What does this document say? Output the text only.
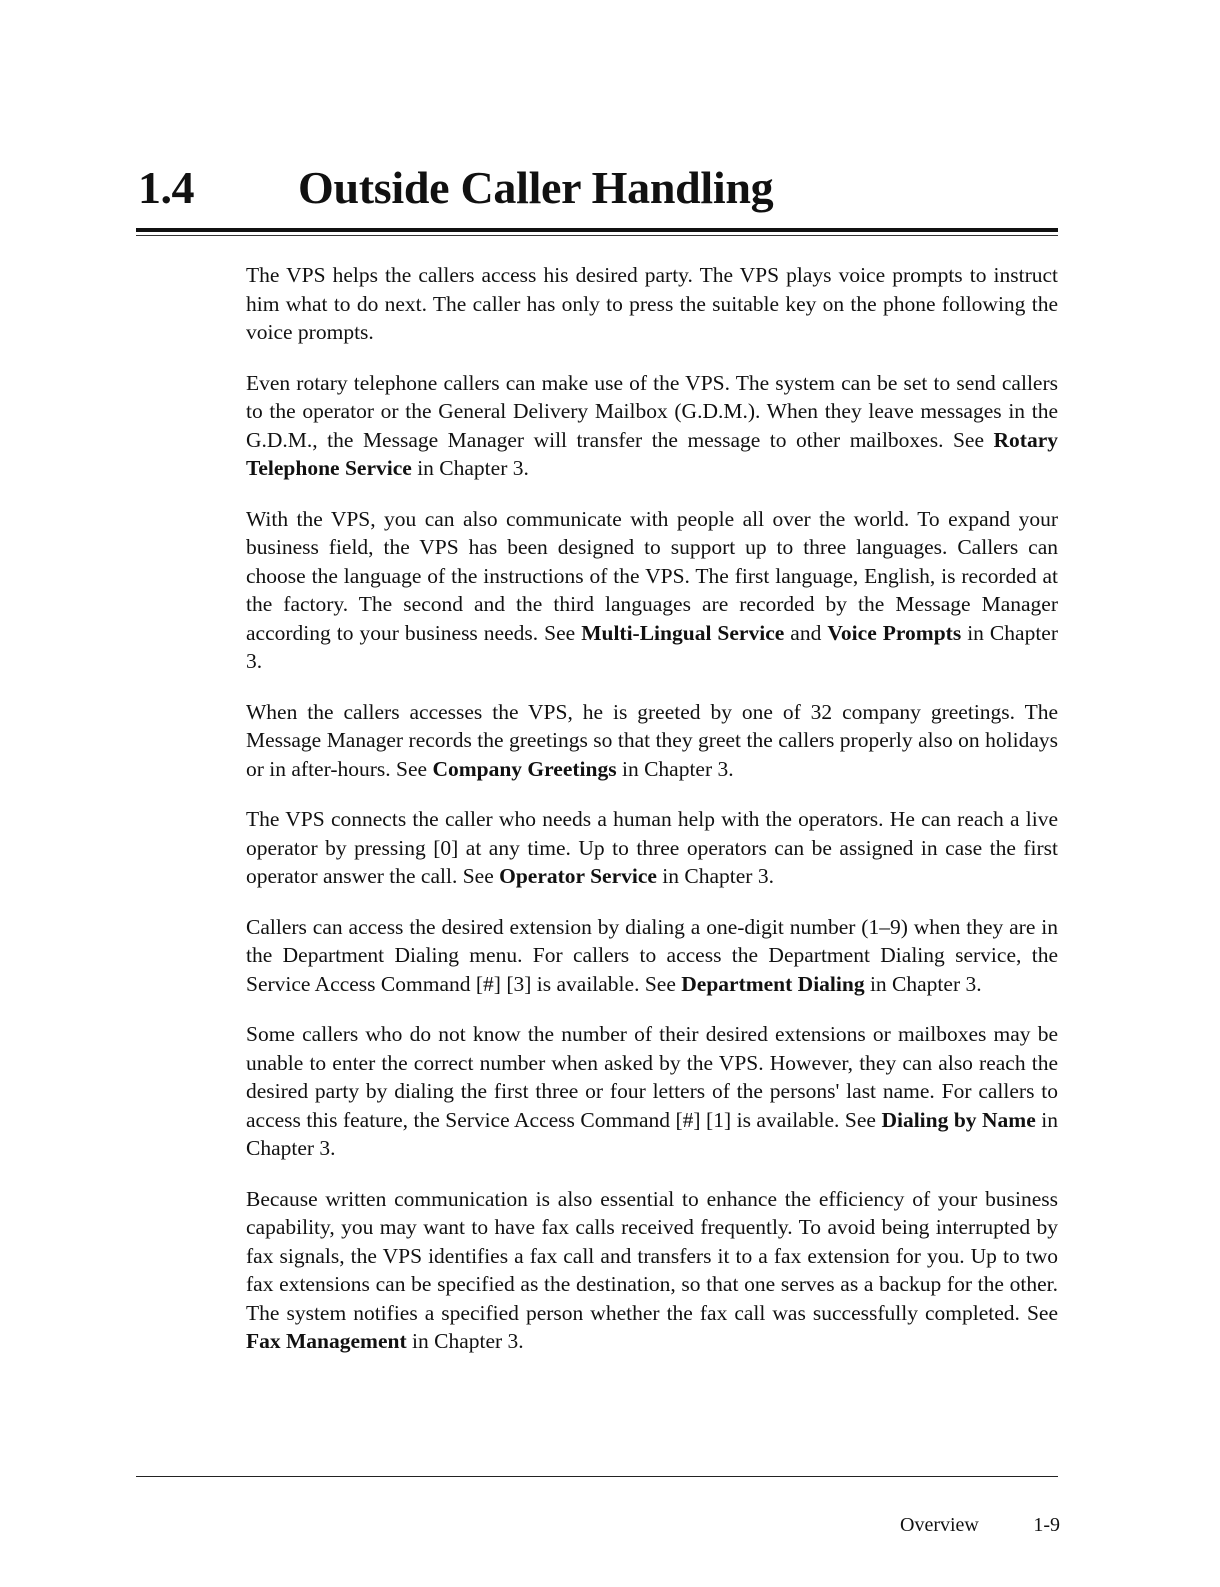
1.4 Outside Caller Handling

The VPS helps the callers access his desired party. The VPS plays voice prompts to instruct him what to do next. The caller has only to press the suitable key on the phone following the voice prompts.

Even rotary telephone callers can make use of the VPS. The system can be set to send callers to the operator or the General Delivery Mailbox (G.D.M.). When they leave messages in the G.D.M., the Message Manager will transfer the message to other mailboxes. See Rotary Telephone Service in Chapter 3.

With the VPS, you can also communicate with people all over the world. To expand your business field, the VPS has been designed to support up to three languages. Callers can choose the language of the instructions of the VPS. The first language, English, is recorded at the factory. The second and the third languages are recorded by the Message Manager according to your business needs. See Multi-Lingual Service and Voice Prompts in Chapter 3.

When the callers accesses the VPS, he is greeted by one of 32 company greetings. The Message Manager records the greetings so that they greet the callers properly also on holidays or in after-hours. See Company Greetings in Chapter 3.

The VPS connects the caller who needs a human help with the operators. He can reach a live operator by pressing [0] at any time. Up to three operators can be assigned in case the first operator answer the call. See Operator Service in Chapter 3.

Callers can access the desired extension by dialing a one-digit number (1–9) when they are in the Department Dialing menu. For callers to access the Department Dialing service, the Service Access Command [#] [3] is available. See Department Dialing in Chapter 3.

Some callers who do not know the number of their desired extensions or mailboxes may be unable to enter the correct number when asked by the VPS. However, they can also reach the desired party by dialing the first three or four letters of the persons' last name. For callers to access this feature, the Service Access Command [#] [1] is available. See Dialing by Name in Chapter 3.

Because written communication is also essential to enhance the efficiency of your business capability, you may want to have fax calls received frequently. To avoid being interrupted by fax signals, the VPS identifies a fax call and transfers it to a fax extension for you. Up to two fax extensions can be specified as the destination, so that one serves as a backup for the other. The system notifies a specified person whether the fax call was successfully completed. See Fax Management in Chapter 3.

Overview	1-9
